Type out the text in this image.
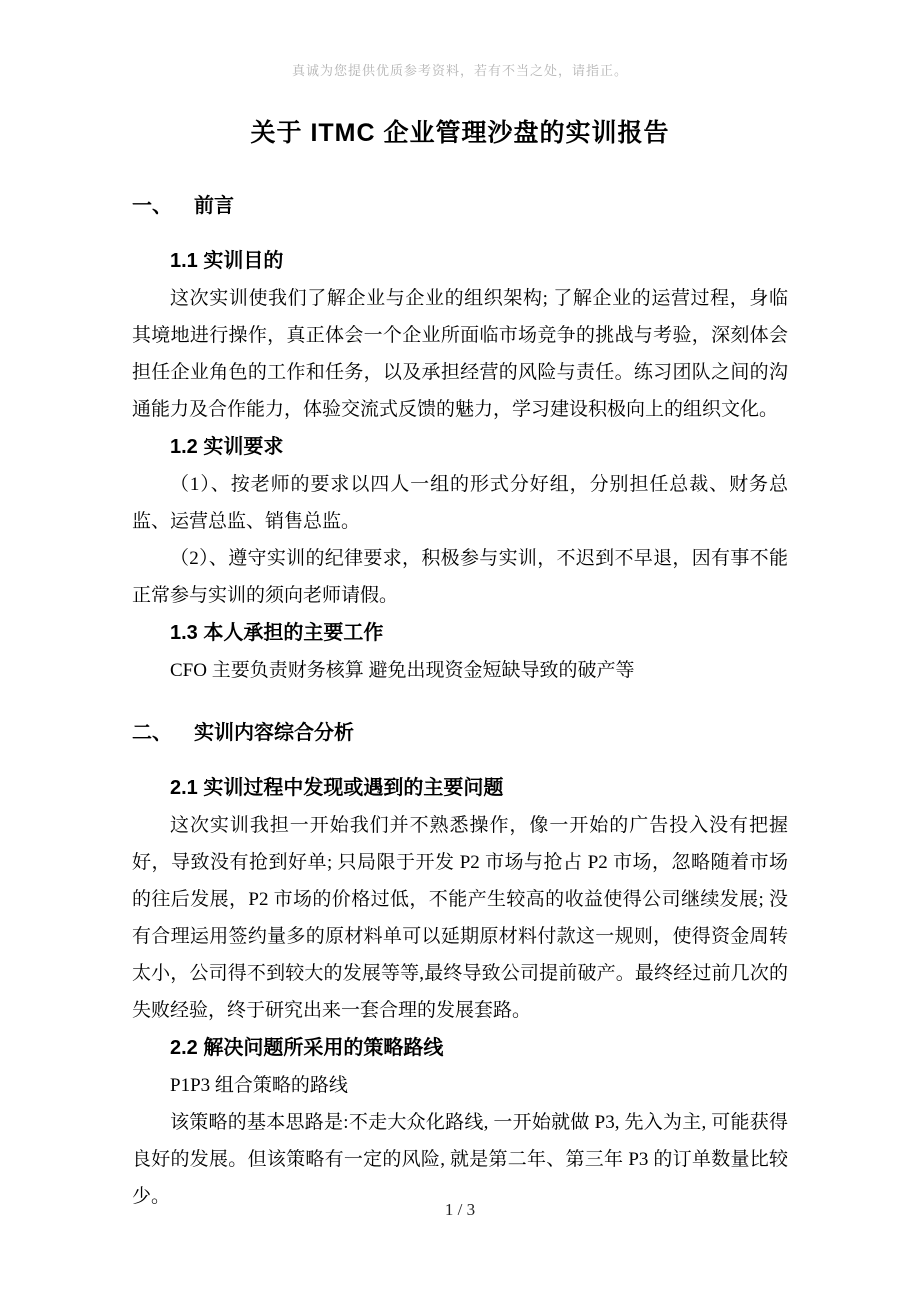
真诚为您提供优质参考资料，若有不当之处，请指正。
关于 ITMC 企业管理沙盘的实训报告
一、 前言
1.1 实训目的

这次实训使我们了解企业与企业的组织架构; 了解企业的运营过程，身临其境地进行操作，真正体会一个企业所面临市场竞争的挑战与考验，深刻体会担任企业角色的工作和任务，以及承担经营的风险与责任。练习团队之间的沟通能力及合作能力，体验交流式反馈的魅力，学习建设积极向上的组织文化。

1.2 实训要求

（1）、按老师的要求以四人一组的形式分好组，分别担任总裁、财务总监、运营总监、销售总监。

（2）、遵守实训的纪律要求，积极参与实训，不迟到不早退，因有事不能正常参与实训的须向老师请假。

1.3 本人承担的主要工作

CFO 主要负责财务核算 避免出现资金短缺导致的破产等

二、 实训内容综合分析
2.1 实训过程中发现或遇到的主要问题

这次实训我担一开始我们并不熟悉操作，像一开始的广告投入没有把握好，导致没有抢到好单; 只局限于开发 P2 市场与抢占 P2 市场，忽略随着市场的往后发展，P2 市场的价格过低，不能产生较高的收益使得公司继续发展; 没有合理运用签约量多的原材料单可以延期原材料付款这一规则，使得资金周转太小，公司得不到较大的发展等等,最终导致公司提前破产。最终经过前几次的失败经验，终于研究出来一套合理的发展套路。

2.2 解决问题所采用的策略路线

P1P3 组合策略的路线

该策略的基本思路是:不走大众化路线, 一开始就做 P3, 先入为主, 可能获得良好的发展。但该策略有一定的风险, 就是第二年、第三年 P3 的订单数量比较少。

1 / 3
